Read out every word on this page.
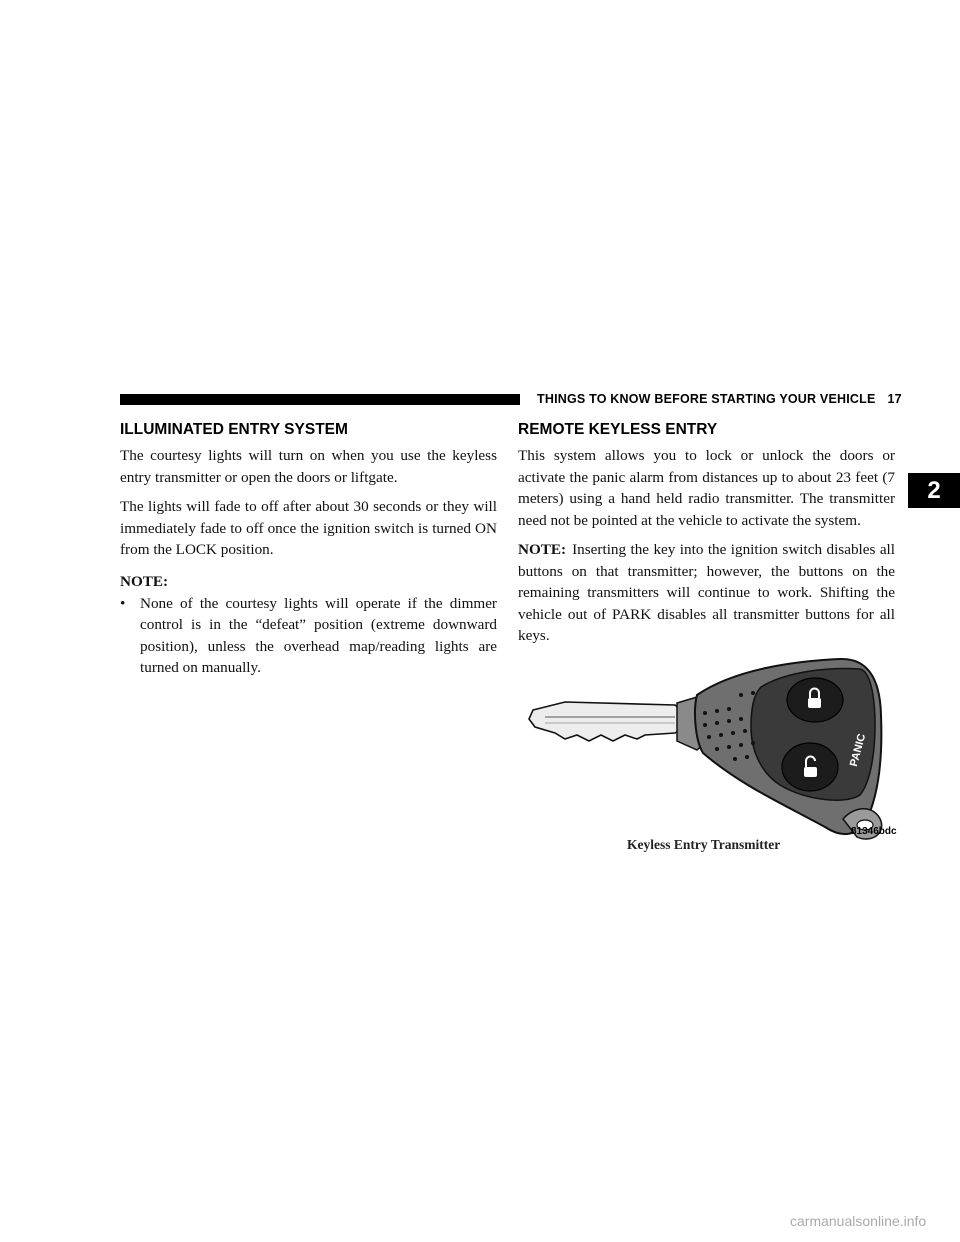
THINGS TO KNOW BEFORE STARTING YOUR VEHICLE 17
2
ILLUMINATED ENTRY SYSTEM

The courtesy lights will turn on when you use the keyless entry transmitter or open the doors or liftgate.

The lights will fade to off after about 30 seconds or they will immediately fade to off once the ignition switch is turned ON from the LOCK position.

NOTE:
• None of the courtesy lights will operate if the dimmer control is in the “defeat” position (extreme downward position), unless the overhead map/reading lights are turned on manually.
REMOTE KEYLESS ENTRY

This system allows you to lock or unlock the doors or activate the panic alarm from distances up to about 23 feet (7 meters) using a hand held radio transmitter. The transmitter need not be pointed at the vehicle to activate the system.

NOTE: Inserting the key into the ignition switch disables all buttons on that transmitter; however, the buttons on the remaining transmitters will continue to work. Shifting the vehicle out of PARK disables all transmitter buttons for all keys.

PANIC
81346bdc
Keyless Entry Transmitter
carmanualsonline.info
